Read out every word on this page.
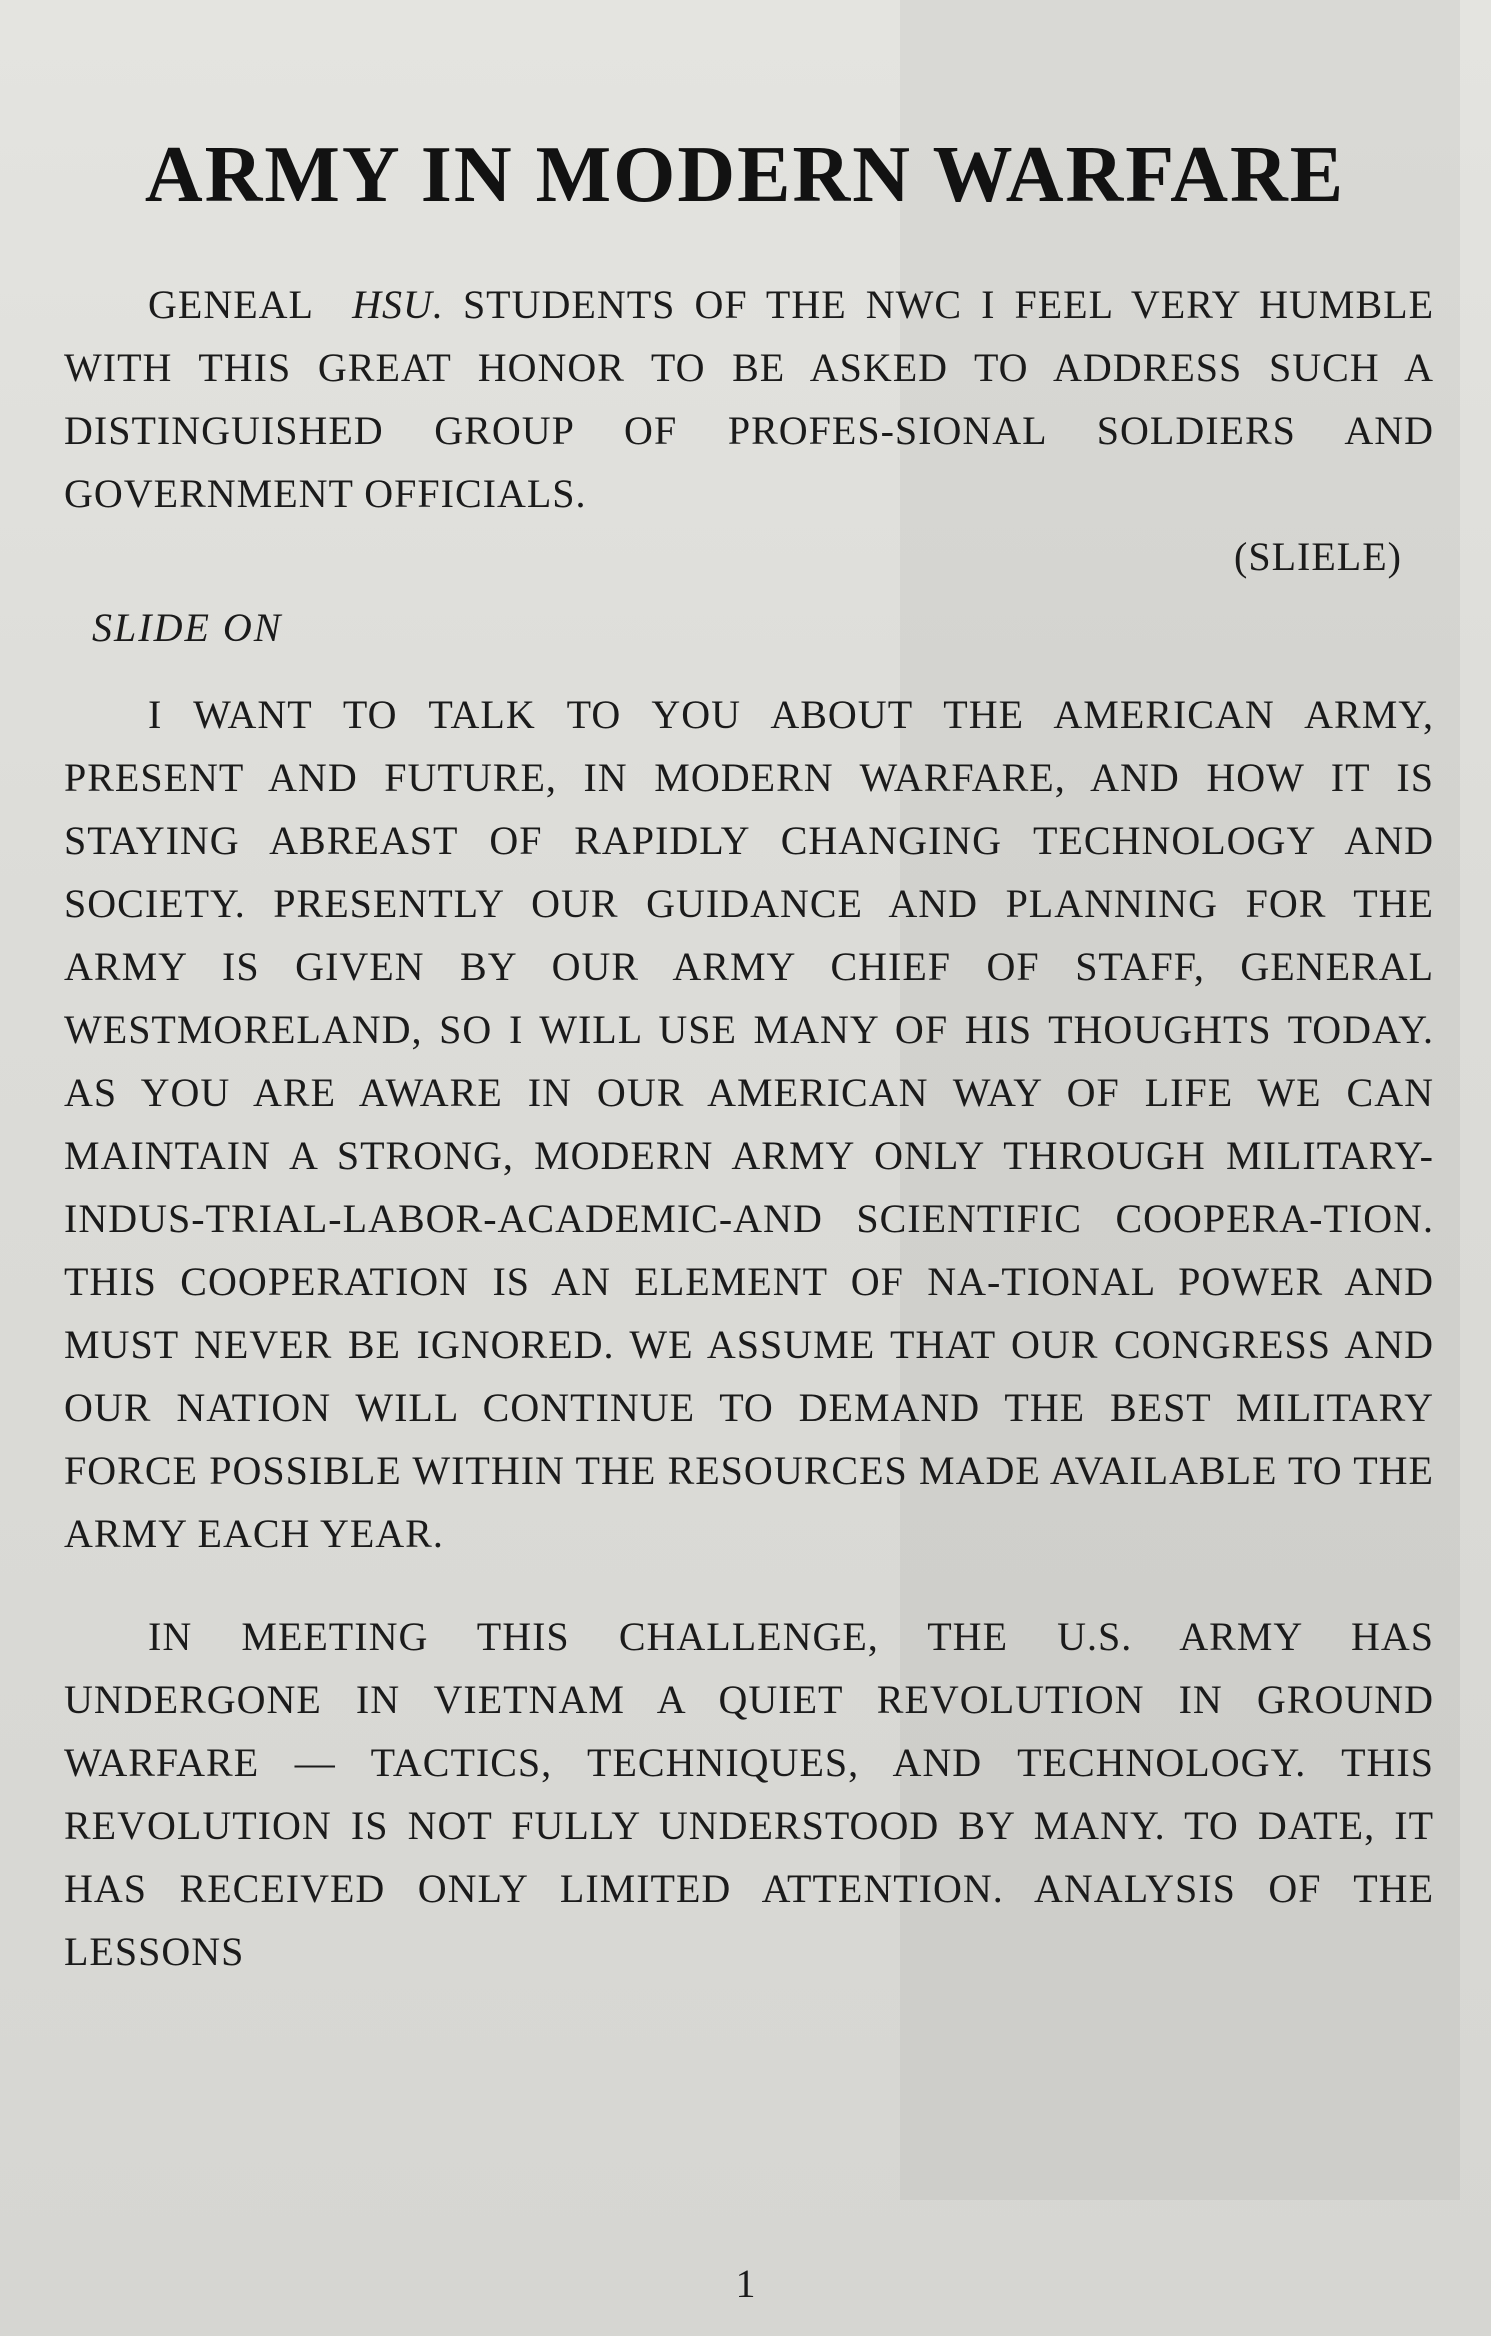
ARMY IN MODERN WARFARE

GENEAL HSU. STUDENTS OF THE NWC I FEEL VERY HUMBLE WITH THIS GREAT HONOR TO BE ASKED TO ADDRESS SUCH A DISTINGUISHED GROUP OF PROFES-SIONAL SOLDIERS AND GOVERNMENT OFFICIALS.

(SLIELE)

SLIDE ON

I WANT TO TALK TO YOU ABOUT THE AMERICAN ARMY, PRESENT AND FUTURE, IN MODERN WARFARE, AND HOW IT IS STAYING ABREAST OF RAPIDLY CHANGING TECHNOLOGY AND SOCIETY. PRESENTLY OUR GUIDANCE AND PLANNING FOR THE ARMY IS GIVEN BY OUR ARMY CHIEF OF STAFF, GENERAL WESTMORELAND, SO I WILL USE MANY OF HIS THOUGHTS TODAY. AS YOU ARE AWARE IN OUR AMERICAN WAY OF LIFE WE CAN MAINTAIN A STRONG, MODERN ARMY ONLY THROUGH MILITARY-INDUS-TRIAL-LABOR-ACADEMIC-AND SCIENTIFIC COOPERA-TION. THIS COOPERATION IS AN ELEMENT OF NA-TIONAL POWER AND MUST NEVER BE IGNORED. WE ASSUME THAT OUR CONGRESS AND OUR NATION WILL CONTINUE TO DEMAND THE BEST MILITARY FORCE POSSIBLE WITHIN THE RESOURCES MADE AVAILABLE TO THE ARMY EACH YEAR.

IN MEETING THIS CHALLENGE, THE U.S. ARMY HAS UNDERGONE IN VIETNAM A QUIET REVOLUTION IN GROUND WARFARE — TACTICS, TECHNIQUES, AND TECHNOLOGY. THIS REVOLUTION IS NOT FULLY UNDERSTOOD BY MANY. TO DATE, IT HAS RECEIVED ONLY LIMITED ATTENTION. ANALYSIS OF THE LESSONS

1
